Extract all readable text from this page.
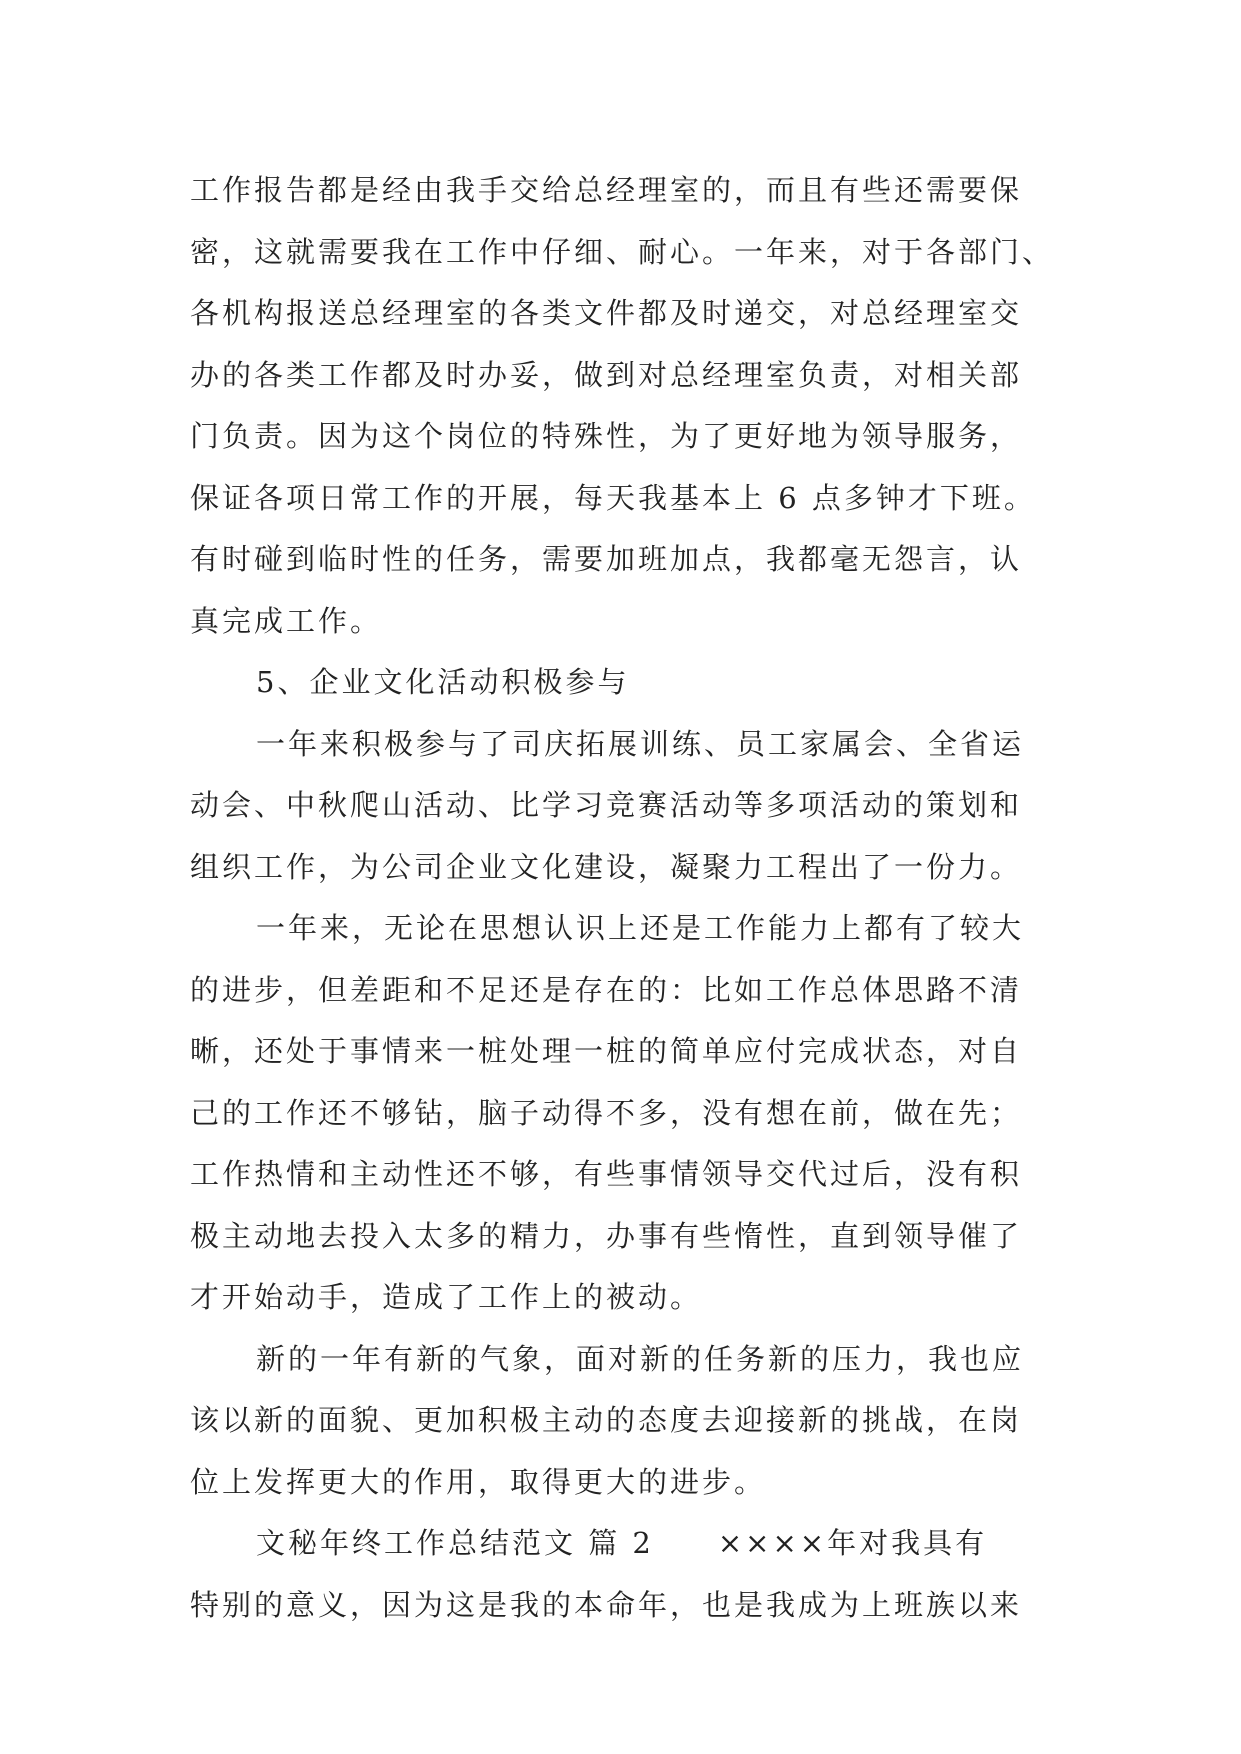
工作报告都是经由我手交给总经理室的，而且有些还需要保
密，这就需要我在工作中仔细、耐心。一年来，对于各部门、
各机构报送总经理室的各类文件都及时递交，对总经理室交
办的各类工作都及时办妥，做到对总经理室负责，对相关部
门负责。因为这个岗位的特殊性，为了更好地为领导服务，
保证各项日常工作的开展，每天我基本上 6 点多钟才下班。
有时碰到临时性的任务，需要加班加点，我都毫无怨言，认
真完成工作。
5、企业文化活动积极参与
一年来积极参与了司庆拓展训练、员工家属会、全省运
动会、中秋爬山活动、比学习竞赛活动等多项活动的策划和
组织工作，为公司企业文化建设，凝聚力工程出了一份力。
一年来，无论在思想认识上还是工作能力上都有了较大
的进步，但差距和不足还是存在的：比如工作总体思路不清
晰，还处于事情来一桩处理一桩的简单应付完成状态，对自
己的工作还不够钻，脑子动得不多，没有想在前，做在先；
工作热情和主动性还不够，有些事情领导交代过后，没有积
极主动地去投入太多的精力，办事有些惰性，直到领导催了
才开始动手，造成了工作上的被动。
新的一年有新的气象，面对新的任务新的压力，我也应
该以新的面貌、更加积极主动的态度去迎接新的挑战，在岗
位上发挥更大的作用，取得更大的进步。
文秘年终工作总结范文 篇 2　　××××年对我具有
特别的意义，因为这是我的本命年，也是我成为上班族以来
